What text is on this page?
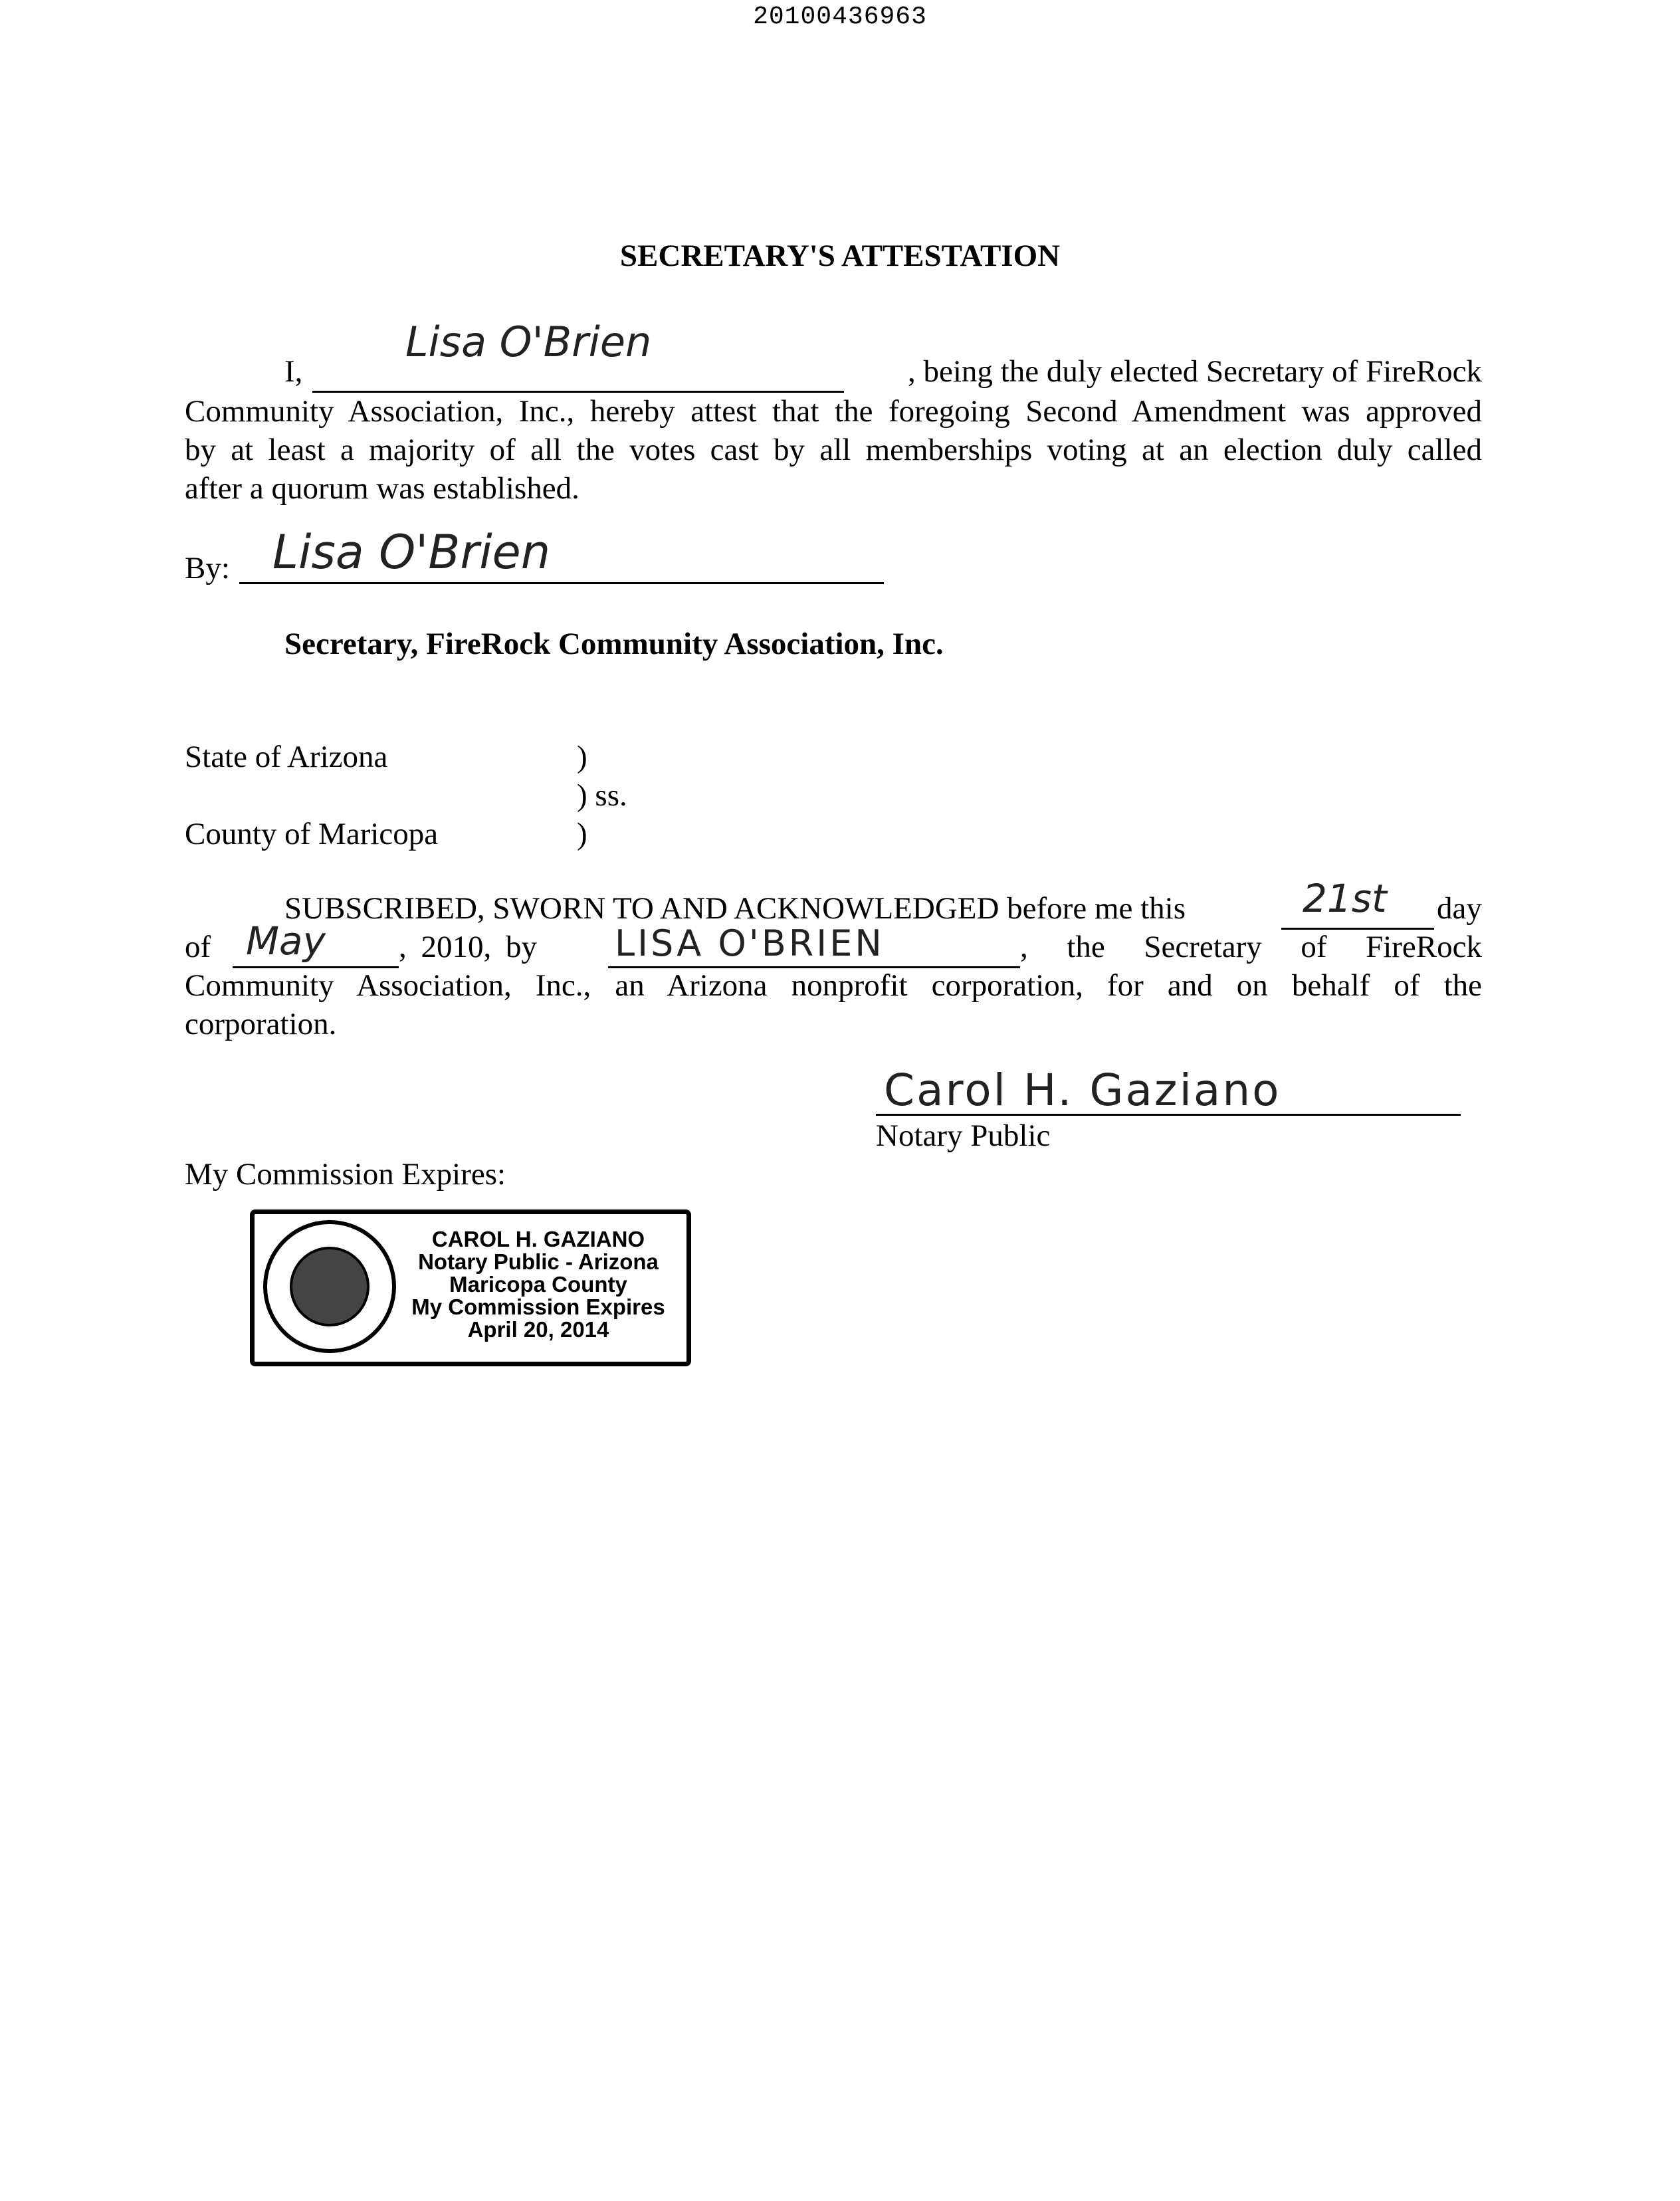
20100436963
SECRETARY'S ATTESTATION
I,
Lisa O'Brien
, being the duly elected Secretary of FireRock
Community Association, Inc., hereby attest that the foregoing Second Amendment was approved
by at least a majority of all the votes cast by all memberships voting at an election duly called
after a quorum was established.
By: Lisa O'Brien
Secretary, FireRock Community Association, Inc.
State of Arizona	)
) ss.
County of Maricopa	)
SUBSCRIBED, SWORN TO AND ACKNOWLEDGED before me this	21st day
of May , 2010, by LISA O'BRIEN	, the Secretary of FireRock
Community Association, Inc., an Arizona nonprofit corporation, for and on behalf of the
corporation.
Carol H. Gaziano
Notary Public
My Commission Expires:
CAROL H. GAZIANO
Notary Public - Arizona
Maricopa County
My Commission Expires
April 20, 2014
